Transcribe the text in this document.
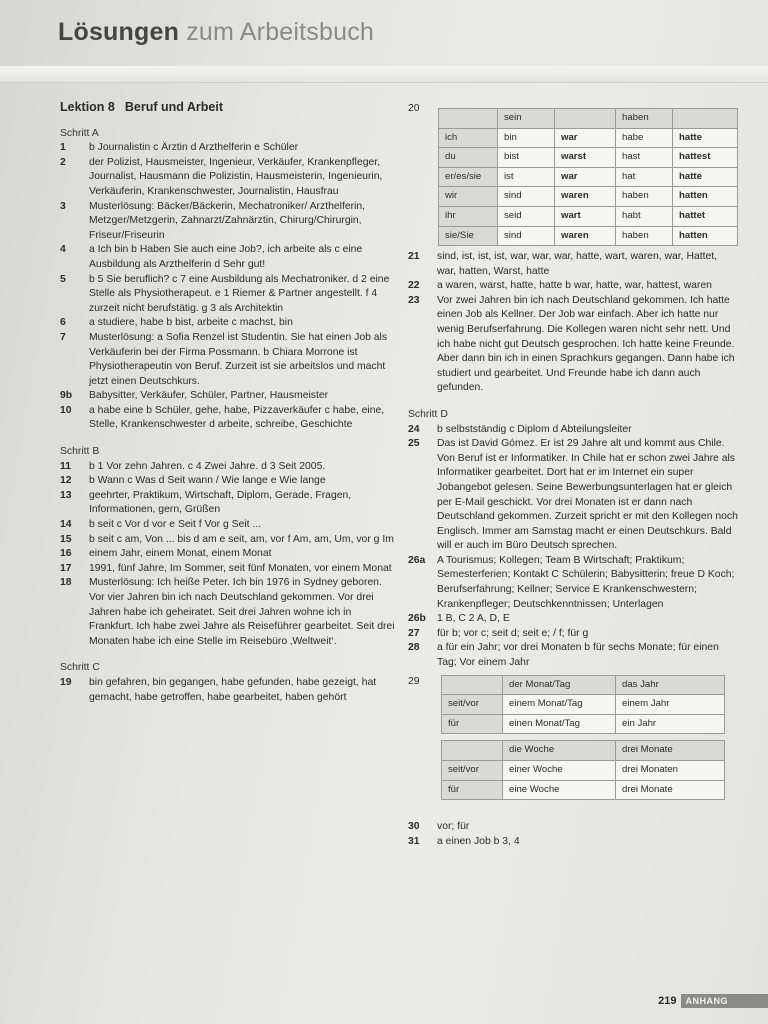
Lösungen zum Arbeitsbuch
Lektion 8 Beruf und Arbeit
Schritt A
1	b Journalistin c Ärztin d Arzthelferin e Schüler
2	der Polizist, Hausmeister, Ingenieur, Verkäufer, Krankenpfleger, Journalist, Hausmann die Polizistin, Hausmeisterin, Ingenieurin, Verkäuferin, Krankenschwester, Journalistin, Hausfrau
3	Musterlösung: Bäcker/Bäckerin, Mechatroniker/ Arzthelferin, Metzger/Metzgerin, Zahnarzt/Zahnärztin, Chirurg/Chirurgin, Friseur/Friseurin
4	a Ich bin b Haben Sie auch eine Job?, ich arbeite als c eine Ausbildung als Arzthelferin d Sehr gut!
5	b 5 Sie beruflich? c 7 eine Ausbildung als Mechatroniker. d 2 eine Stelle als Physiotherapeut. e 1 Riemer & Partner angestellt. f 4 zurzeit nicht berufstätig. g 3 als Architektin
6	a studiere, habe b bist, arbeite c machst, bin
7	Musterlösung: a Sofia Renzel ist Studentin. Sie hat einen Job als Verkäuferin bei der Firma Possmann. b Chiara Morrone ist Physiotherapeutin von Beruf. Zurzeit ist sie arbeitslos und macht jetzt einen Deutschkurs.
9b	Babysitter, Verkäufer, Schüler, Partner, Hausmeister
10	a habe eine b Schüler, gehe, habe, Pizzaverkäufer c habe, eine, Stelle, Krankenschwester d arbeite, schreibe, Geschichte
Schritt B
11	b 1 Vor zehn Jahren. c 4 Zwei Jahre. d 3 Seit 2005.
12	b Wann c Was d Seit wann / Wie lange e Wie lange
13	geehrter, Praktikum, Wirtschaft, Diplom, Gerade, Fragen, Informationen, gern, Grüßen
14	b seit c Vor d vor e Seit f Vor g Seit ...
15	b seit c am, Von ... bis d am e seit, am, vor f Am, am, Um, vor g Im
16	einem Jahr, einem Monat, einem Monat
17	1991, fünf Jahre, Im Sommer, seit fünf Monaten, vor einem Monat
18	Musterlösung: Ich heiße Peter. Ich bin 1976 in Sydney geboren. Vor vier Jahren bin ich nach Deutschland gekommen. Vor drei Jahren habe ich geheiratet. Seit drei Jahren wohne ich in Frankfurt. Ich habe zwei Jahre als Reiseführer gearbeitet. Seit drei Monaten habe ich eine Stelle im Reisebüro ‚Weltweit‘.
Schritt C
19	bin gefahren, bin gegangen, habe gefunden, habe gezeigt, hat gemacht, habe getroffen, habe gearbeitet, haben gehört
20
	sein		haben	
ich	bin	war	habe	hatte
du	bist	warst	hast	hattest
er/es/sie	ist	war	hat	hatte
wir	sind	waren	haben	hatten
ihr	seid	wart	habt	hattet
sie/Sie	sind	waren	haben	hatten
21	sind, ist, ist, ist, war, war, war, hatte, wart, waren, war, Hattet, war, hatten, Warst, hatte
22	a waren, warst, hatte, hatte b war, hatte, war, hattest, waren
23	Vor zwei Jahren bin ich nach Deutschland gekommen. Ich hatte einen Job als Kellner. Der Job war einfach. Aber ich hatte nur wenig Berufserfahrung. Die Kollegen waren nicht sehr nett. Und ich habe nicht gut Deutsch gesprochen. Ich hatte keine Freunde. Aber dann bin ich in einen Sprachkurs gegangen. Dann habe ich studiert und gearbeitet. Und Freunde habe ich dann auch gefunden.
Schritt D
24	b selbstständig c Diplom d Abteilungsleiter
25	Das ist David Gómez. Er ist 29 Jahre alt und kommt aus Chile. Von Beruf ist er Informatiker. In Chile hat er schon zwei Jahre als Informatiker gearbeitet. Dort hat er im Internet ein super Jobangebot gelesen. Seine Bewerbungsunterlagen hat er gleich per E-Mail geschickt. Vor drei Monaten ist er dann nach Deutschland gekommen. Zurzeit spricht er mit den Kollegen noch Englisch. Immer am Samstag macht er einen Deutschkurs. Bald will er auch im Büro Deutsch sprechen.
26a	A Tourismus; Kollegen; Team B Wirtschaft; Praktikum; Semesterferien; Kontakt C Schülerin; Babysitterin; freue D Koch; Berufserfahrung; Kellner; Service E Krankenschwestern; Krankenpfleger; Deutschkenntnissen; Unterlagen
26b	1 B, C 2 A, D, E
27	für b; vor c; seit d; seit e; / f; für g
28	a für ein Jahr; vor drei Monaten b für sechs Monate; für einen Tag; Vor einem Jahr
29
		der Monat/Tag	das Jahr
seit/vor	einem Monat/Tag	einem Jahr
für	einen Monat/Tag	ein Jahr
	die Woche	drei Monate
seit/vor	einer Woche	drei Monaten
für	eine Woche	drei Monate
30	vor; für
31	a einen Job b 3, 4
219	ANHANG
